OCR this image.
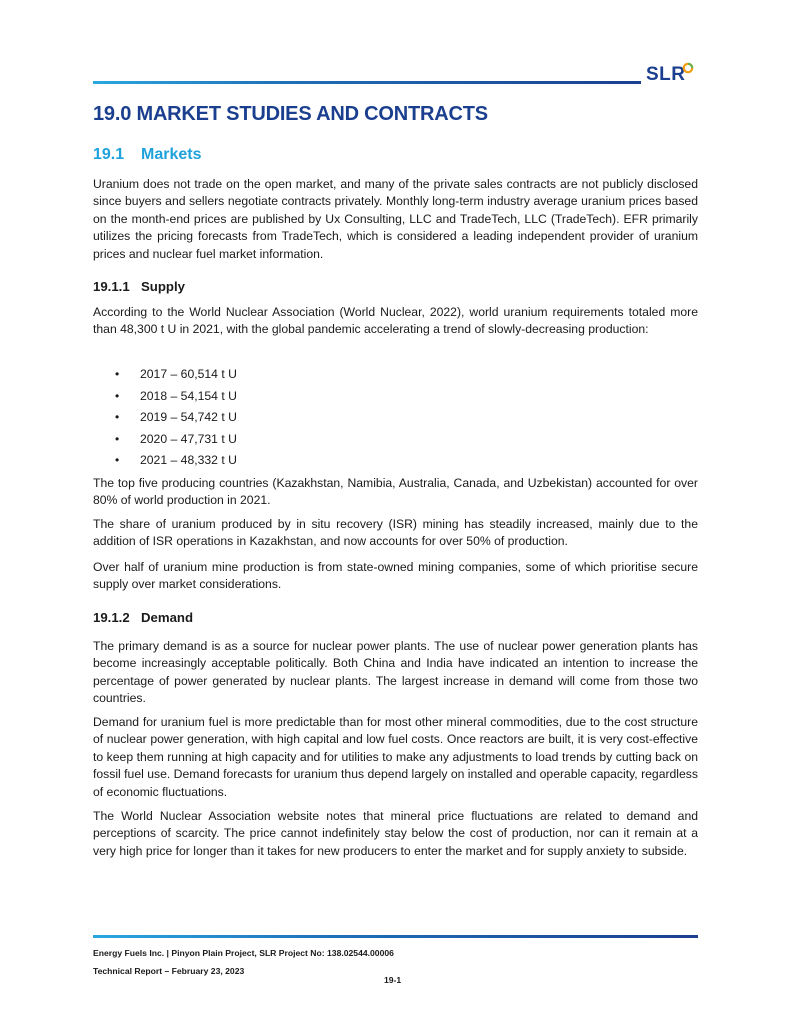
SLR
19.0 MARKET STUDIES AND CONTRACTS
19.1 Markets

Uranium does not trade on the open market, and many of the private sales contracts are not publicly disclosed since buyers and sellers negotiate contracts privately. Monthly long-term industry average uranium prices based on the month-end prices are published by Ux Consulting, LLC and TradeTech, LLC (TradeTech). EFR primarily utilizes the pricing forecasts from TradeTech, which is considered a leading independent provider of uranium prices and nuclear fuel market information.

19.1.1 Supply

According to the World Nuclear Association (World Nuclear, 2022), world uranium requirements totaled more than 48,300 t U in 2021, with the global pandemic accelerating a trend of slowly-decreasing production:

• 2017 – 60,514 t U
• 2018 – 54,154 t U
• 2019 – 54,742 t U
• 2020 – 47,731 t U
• 2021 – 48,332 t U

The top five producing countries (Kazakhstan, Namibia, Australia, Canada, and Uzbekistan) accounted for over 80% of world production in 2021.

The share of uranium produced by in situ recovery (ISR) mining has steadily increased, mainly due to the addition of ISR operations in Kazakhstan, and now accounts for over 50% of production.

Over half of uranium mine production is from state-owned mining companies, some of which prioritise secure supply over market considerations.

19.1.2 Demand

The primary demand is as a source for nuclear power plants. The use of nuclear power generation plants has become increasingly acceptable politically. Both China and India have indicated an intention to increase the percentage of power generated by nuclear plants. The largest increase in demand will come from those two countries.

Demand for uranium fuel is more predictable than for most other mineral commodities, due to the cost structure of nuclear power generation, with high capital and low fuel costs. Once reactors are built, it is very cost-effective to keep them running at high capacity and for utilities to make any adjustments to load trends by cutting back on fossil fuel use. Demand forecasts for uranium thus depend largely on installed and operable capacity, regardless of economic fluctuations.

The World Nuclear Association website notes that mineral price fluctuations are related to demand and perceptions of scarcity. The price cannot indefinitely stay below the cost of production, nor can it remain at a very high price for longer than it takes for new producers to enter the market and for supply anxiety to subside.

Energy Fuels Inc. | Pinyon Plain Project, SLR Project No: 138.02544.00006

Technical Report – February 23, 2023

19-1
